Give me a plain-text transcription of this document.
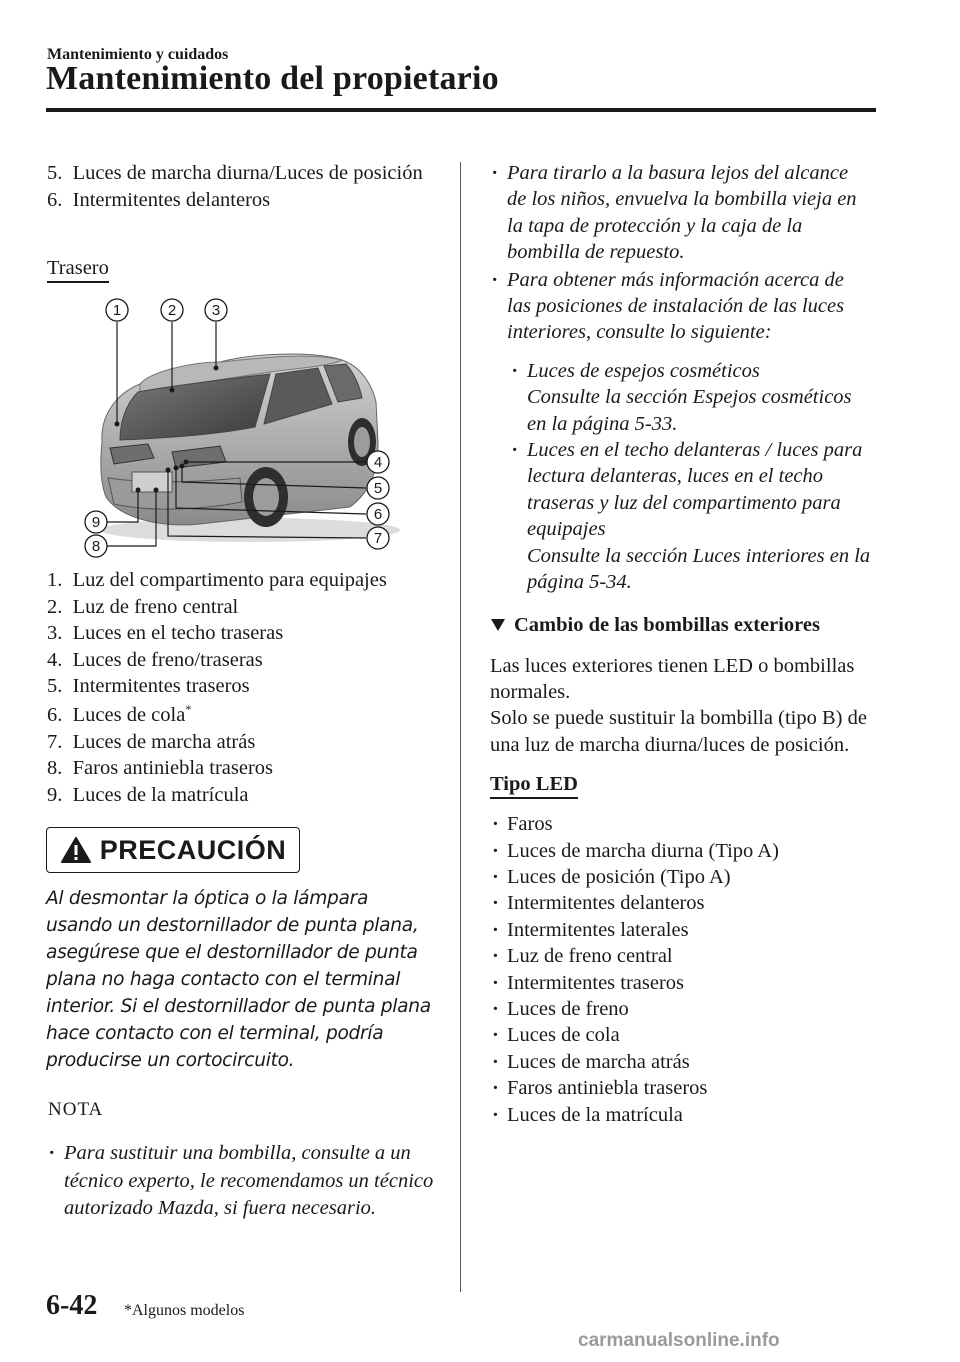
Mantenimiento y cuidados
Mantenimiento del propietario
5. Luces de marcha diurna/Luces de posición
6. Intermitentes delanteros
Trasero
1	2 3
4
5
6
7
8
9
1. Luz del compartimento para equipajes
2. Luz de freno central
3. Luces en el techo traseras
4. Luces de freno/traseras
5. Intermitentes traseros
6. Luces de cola*
7. Luces de marcha atrás
8. Faros antiniebla traseros
9. Luces de la matrícula
PRECAUCIÓN
Al desmontar la óptica o la lámpara usando un destornillador de punta plana, asegúrese que el destornillador de punta plana no haga contacto con el terminal interior. Si el destornillador de punta plana hace contacto con el terminal, podría producirse un cortocircuito.
NOTA
· Para sustituir una bombilla, consulte a un técnico experto, le recomendamos un técnico autorizado Mazda, si fuera necesario.
· Para tirarlo a la basura lejos del alcance de los niños, envuelva la bombilla vieja en la tapa de protección y la caja de la bombilla de repuesto.
· Para obtener más información acerca de las posiciones de instalación de las luces interiores, consulte lo siguiente:
· Luces de espejos cosméticos
Consulte la sección Espejos cosméticos en la página 5-33.
· Luces en el techo delanteras / luces para lectura delanteras, luces en el techo traseras y luz del compartimento para equipajes
Consulte la sección Luces interiores en la página 5-34.
Cambio de las bombillas exteriores
Las luces exteriores tienen LED o bombillas normales.
Solo se puede sustituir la bombilla (tipo B) de una luz de marcha diurna/luces de posición.
Tipo LED
· Faros
· Luces de marcha diurna (Tipo A)
· Luces de posición (Tipo A)
· Intermitentes delanteros
· Intermitentes laterales
· Luz de freno central
· Intermitentes traseros
· Luces de freno
· Luces de cola
· Luces de marcha atrás
· Faros antiniebla traseros
· Luces de la matrícula
6-42 *Algunos modelos
carmanualsonline.info
